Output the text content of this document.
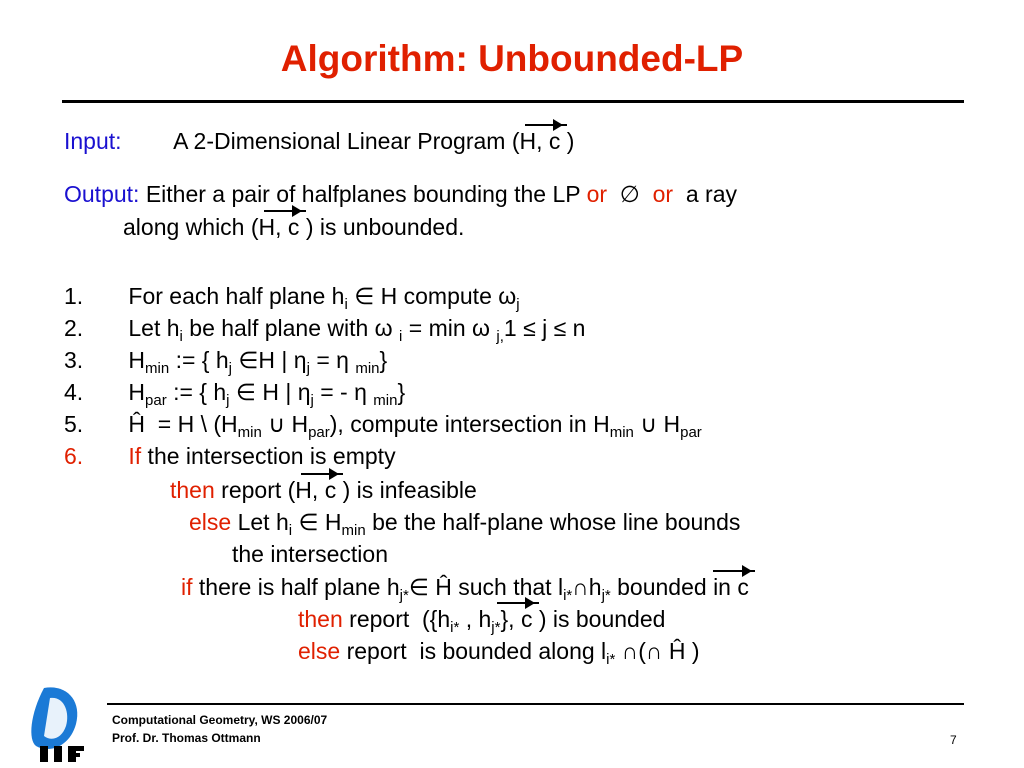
Algorithm: Unbounded-LP
Input: A 2-Dimensional Linear Program (H, c )
Output: Either a pair of halfplanes bounding the LP or ∅ or a ray
along which (H, c ) is unbounded.
1. For each half plane $h_i$ ∈ H compute $\omega_j$
2. Let $h_i$ be half plane with ω $_i$ = min ω $_{j,}$1 ≤ j ≤ n
3. $H_{min}$ := { $h_j$ ∈H | $\eta_j = \eta$ $_{min}$}
4. $H_{par}$ := { $h_j$ ∈ H | $\eta_j$ = - η $_{min}$}
5. Ĥ  = H \ ($H_{min}$ ∪ $H_{par}$), compute intersection in $H_{min}$ ∪ $H_{par}$
6. If the intersection is empty
then report (H, c ) is infeasible
else Let $h_i$ ∈ $H_{min}$ be the half-plane whose line bounds
the intersection
if there is half plane $h_{j*}\in$ Ĥ such that $l_{i*}\cap h_{j*}$ bounded in c
then report  ({$h_{i*}$ , $h_{j*}$}, c ) is bounded
else report  is bounded along $l_{i*}$ ∩(∩ Ĥ )
Computational Geometry, WS 2006/07
Prof. Dr. Thomas Ottmann	7
